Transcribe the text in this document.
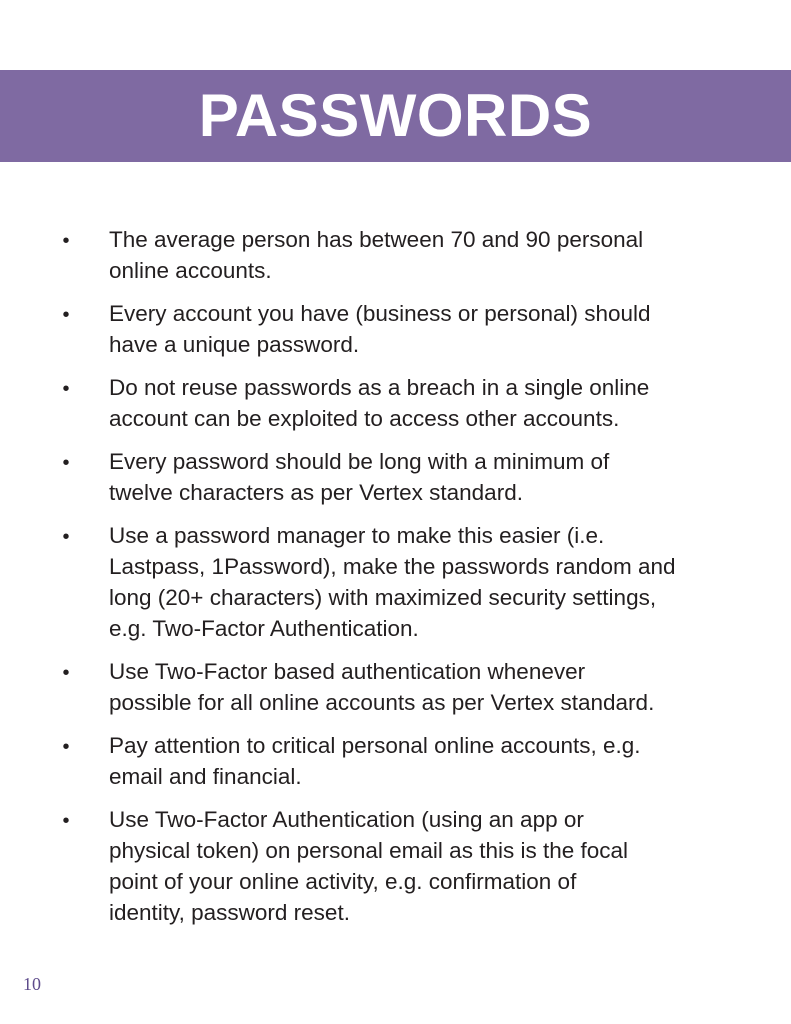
PASSWORDS
• The average person has between 70 and 90 personal
online accounts.
• Every account you have (business or personal) should
have a unique password.
• Do not reuse passwords as a breach in a single online
account can be exploited to access other accounts.
• Every password should be long with a minimum of
twelve characters as per Vertex standard.
• Use a password manager to make this easier (i.e.
Lastpass, 1Password), make the passwords random and
long (20+ characters) with maximized security settings,
e.g. Two-Factor Authentication.
• Use Two-Factor based authentication whenever
possible for all online accounts as per Vertex standard.
• Pay attention to critical personal online accounts, e.g.
email and financial.
• Use Two-Factor Authentication (using an app or
physical token) on personal email as this is the focal
point of your online activity, e.g. confirmation of
identity, password reset.
10
